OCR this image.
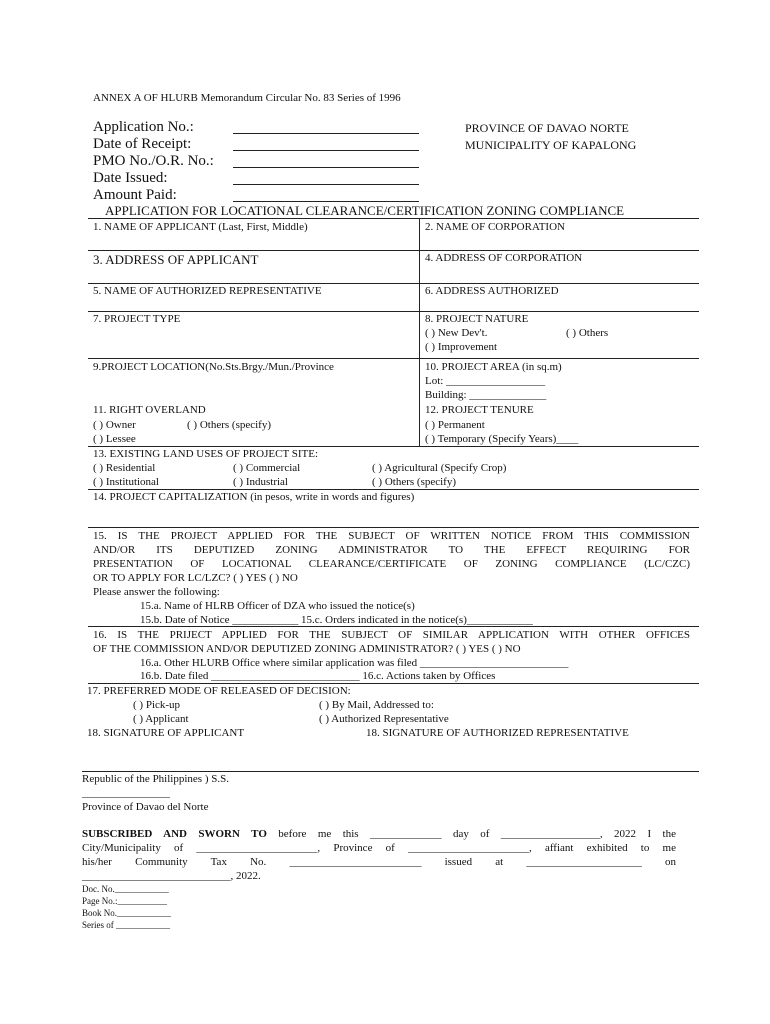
ANNEX A OF HLURB Memorandum Circular No. 83 Series of 1996
Application No.:
Date of Receipt:
PMO No./O.R. No.:
Date Issued:
Amount Paid:
PROVINCE OF DAVAO NORTE
MUNICIPALITY OF KAPALONG
APPLICATION FOR LOCATIONAL CLEARANCE/CERTIFICATION ZONING COMPLIANCE
1. NAME OF APPLICANT (Last, First, Middle)	2. NAME OF CORPORATION
3. ADDRESS OF APPLICANT	4. ADDRESS OF CORPORATION
5. NAME OF AUTHORIZED REPRESENTATIVE	6. ADDRESS AUTHORIZED
7. PROJECT TYPE	8. PROJECT NATURE
( ) New Dev't.	( ) Others
( ) Improvement
9.PROJECT LOCATION(No.Sts.Brgy./Mun./Province	10. PROJECT AREA (in sq.m)
Lot: __________________
Building: ______________
11. RIGHT OVERLAND
( ) Owner	( ) Others (specify)
( ) Lessee
12. PROJECT TENURE
( ) Permanent
( ) Temporary (Specify Years)____
13. EXISTING LAND USES OF PROJECT SITE:
( ) Residential	( ) Commercial	( ) Agricultural (Specify Crop)
( ) Institutional	( ) Industrial	( ) Others (specify)
14. PROJECT CAPITALIZATION (in pesos, write in words and figures)
15. IS THE PROJECT APPLIED FOR THE SUBJECT OF WRITTEN NOTICE FROM THIS COMMISSION
AND/OR ITS DEPUTIZED ZONING ADMINISTRATOR TO THE EFFECT REQUIRING FOR
PRESENTATION OF LOCATIONAL CLEARANCE/CERTIFICATE OF ZONING COMPLIANCE (LC/CZC)
OR TO APPLY FOR LC/LZC? ( ) YES ( ) NO
Please answer the following:
15.a. Name of HLRB Officer of DZA who issued the notice(s)
15.b. Date of Notice ____________ 15.c. Orders indicated in the notice(s)____________
16. IS THE PRIJECT APPLIED FOR THE SUBJECT OF SIMILAR APPLICATION WITH OTHER OFFICES
OF THE COMMISSION AND/OR DEPUTIZED ZONING ADMINISTRATOR? ( ) YES ( ) NO
16.a. Other HLURB Office where similar application was filed ___________________________
16.b. Date filed ___________________________ 16.c. Actions taken by Offices
17. PREFERRED MODE OF RELEASED OF DECISION:
( ) Pick-up	( ) By Mail, Addressed to:
( ) Applicant	( ) Authorized Representative
18. SIGNATURE OF APPLICANT	18. SIGNATURE OF AUTHORIZED REPRESENTATIVE
Republic of the Philippines ) S.S.
________________
Province of Davao del Norte
SUBSCRIBED AND SWORN TO before me this _____________ day of __________________, 2022 I the
City/Municipality of ______________________, Province of ______________________, affiant exhibited to me
his/her Community Tax No. ________________________ issued at _____________________ on
___________________________, 2022.
Doc. No.____________
Page No.:___________
Book No.____________
Series of ____________
